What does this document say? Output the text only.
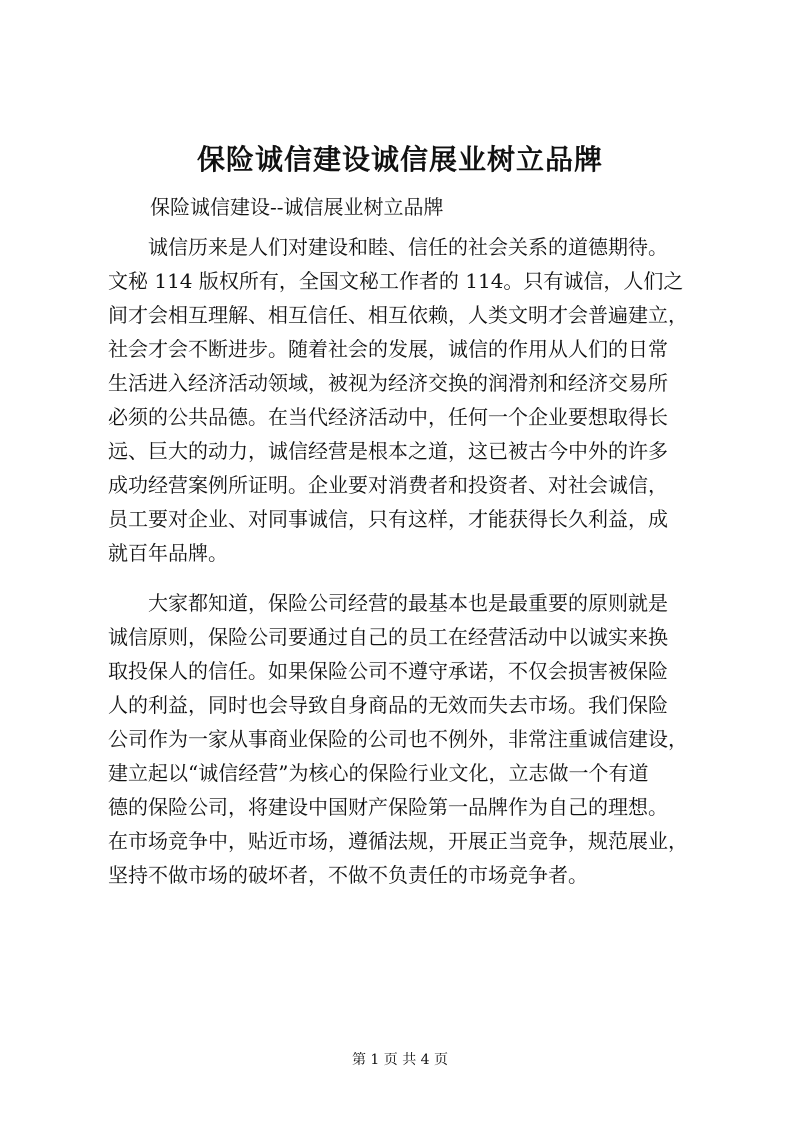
保险诚信建设诚信展业树立品牌

保险诚信建设--诚信展业树立品牌

诚信历来是人们对建设和睦、信任的社会关系的道德期待。
文秘 114 版权所有，全国文秘工作者的 114。只有诚信，人们之
间才会相互理解、相互信任、相互依赖，人类文明才会普遍建立，
社会才会不断进步。随着社会的发展，诚信的作用从人们的日常
生活进入经济活动领域，被视为经济交换的润滑剂和经济交易所
必须的公共品德。在当代经济活动中，任何一个企业要想取得长
远、巨大的动力，诚信经营是根本之道，这已被古今中外的许多
成功经营案例所证明。企业要对消费者和投资者、对社会诚信，
员工要对企业、对同事诚信，只有这样，才能获得长久利益，成
就百年品牌。

大家都知道，保险公司经营的最基本也是最重要的原则就是
诚信原则，保险公司要通过自己的员工在经营活动中以诚实来换
取投保人的信任。如果保险公司不遵守承诺，不仅会损害被保险
人的利益，同时也会导致自身商品的无效而失去市场。我们保险
公司作为一家从事商业保险的公司也不例外，非常注重诚信建设，
建立起以“诚信经营”为核心的保险行业文化，立志做一个有道
德的保险公司，将建设中国财产保险第一品牌作为自己的理想。
在市场竞争中，贴近市场，遵循法规，开展正当竞争，规范展业，
坚持不做市场的破坏者，不做不负责任的市场竞争者。

第 1 页 共 4 页
